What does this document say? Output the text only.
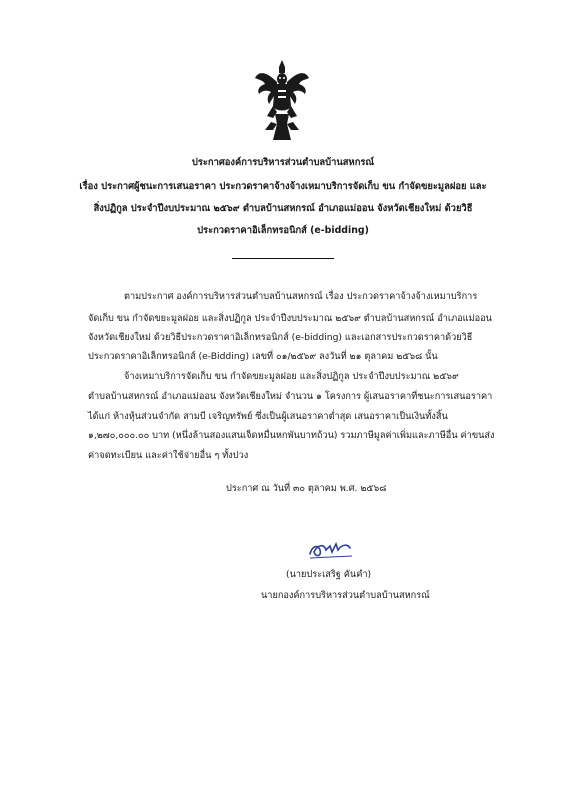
ประกาศองค์การบริหารส่วนตำบลบ้านสหกรณ์
เรื่อง ประกาศผู้ชนะการเสนอราคา ประกวดราคาจ้างจ้างเหมาบริการจัดเก็บ ขน กำจัดขยะมูลฝอย และ
สิ่งปฏิกูล ประจำปีงบประมาณ ๒๕๖๙ ตำบลบ้านสหกรณ์ อำเภอแม่ออน จังหวัดเชียงใหม่ ด้วยวิธี
ประกวดราคาอิเล็กทรอนิกส์ (e-bidding)
ตามประกาศ องค์การบริหารส่วนตำบลบ้านสหกรณ์ เรื่อง ประกวดราคาจ้างจ้างเหมาบริการ
จัดเก็บ ขน กำจัดขยะมูลฝอย และสิ่งปฏิกูล ประจำปีงบประมาณ ๒๕๖๙ ตำบลบ้านสหกรณ์ อำเภอแม่ออน
จังหวัดเชียงใหม่ ด้วยวิธีประกวดราคาอิเล็กทรอนิกส์ (e-bidding) และเอกสารประกวดราคาด้วยวิธี
ประกวดราคาอิเล็กทรอนิกส์ (e-Bidding) เลขที่ ๐๑/๒๕๖๙ ลงวันที่ ๒๑ ตุลาคม ๒๕๖๘ นั้น
จ้างเหมาบริการจัดเก็บ ขน กำจัดขยะมูลฝอย และสิ่งปฏิกูล ประจำปีงบประมาณ ๒๕๖๙
ตำบลบ้านสหกรณ์ อำเภอแม่ออน จังหวัดเชียงใหม่ จำนวน ๑ โครงการ ผู้เสนอราคาที่ชนะการเสนอราคา
ได้แก่ ห้างหุ้นส่วนจำกัด สามบี เจริญทรัพย์ ซึ่งเป็นผู้เสนอราคาต่ำสุด เสนอราคาเป็นเงินทั้งสิ้น
๑,๒๗๐,๐๐๐.๐๐ บาท (หนึ่งล้านสองแสนเจ็ดหมื่นหกพันบาทถ้วน) รวมภาษีมูลค่าเพิ่มและภาษีอื่น ค่าขนส่ง
ค่าจดทะเบียน และค่าใช้จ่ายอื่น ๆ ทั้งปวง
ประกาศ ณ วันที่ ๓๐ ตุลาคม พ.ศ. ๒๕๖๘
(นายประเสริฐ คันคำ)
นายกองค์การบริหารส่วนตำบลบ้านสหกรณ์
